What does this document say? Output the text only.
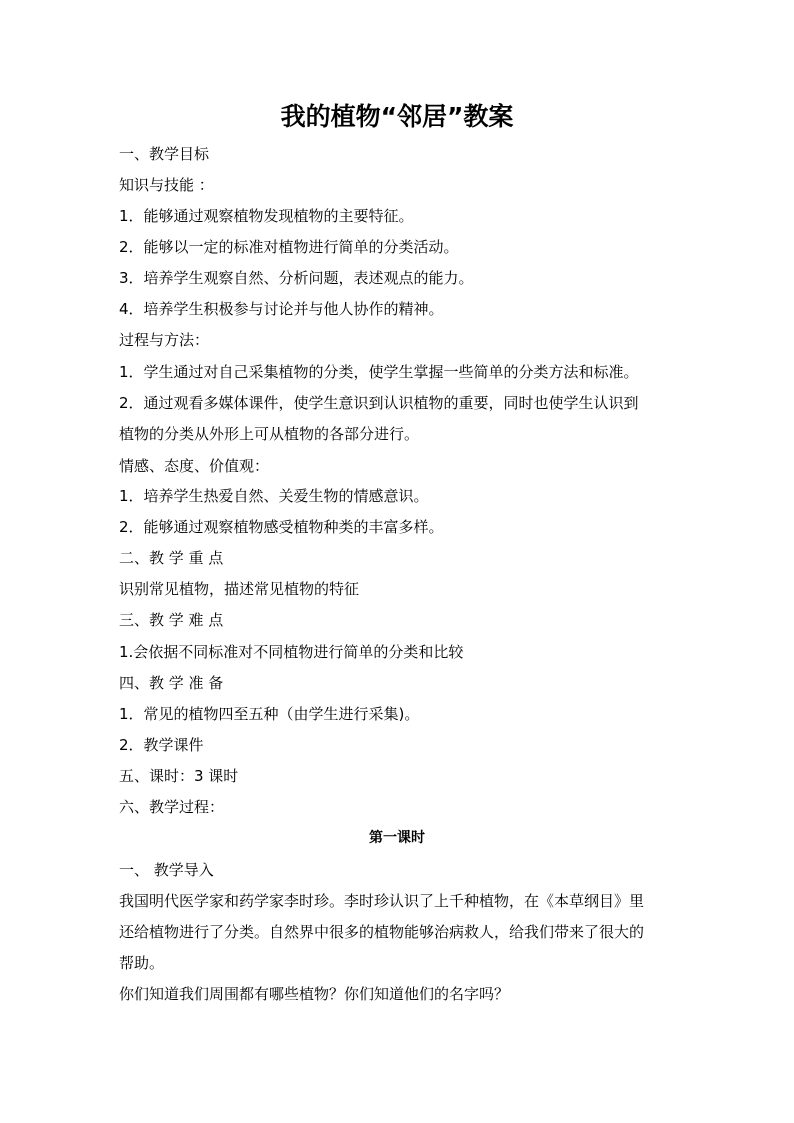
我的植物“邻居”教案

一、教学目标

知识与技能 ：

1．能够通过观察植物发现植物的主要特征。

2．能够以一定的标准对植物进行简单的分类活动。

3．培养学生观察自然、分析问题，表述观点的能力。

4．培养学生积极参与讨论并与他人协作的精神。

过程与方法：

1．学生通过对自己采集植物的分类，使学生掌握一些简单的分类方法和标准。

2．通过观看多媒体课件，使学生意识到认识植物的重要，同时也使学生认识到

植物的分类从外形上可从植物的各部分进行。

情感、态度、价值观：

1．培养学生热爱自然、关爱生物的情感意识。

2．能够通过观察植物感受植物种类的丰富多样。

二、教 学 重 点

识别常见植物，描述常见植物的特征

三、教 学 难 点

1.会依据不同标准对不同植物进行简单的分类和比较

四、教 学 准 备

1．常见的植物四至五种（由学生进行采集)。

2．教学课件

五、课时：3 课时

六、教学过程：

第一课时

一、 教学导入

我国明代医学家和药学家李时珍。李时珍认识了上千种植物，在《本草纲目》里

还给植物进行了分类。自然界中很多的植物能够治病救人，给我们带来了很大的

帮助。

你们知道我们周围都有哪些植物？你们知道他们的名字吗？
